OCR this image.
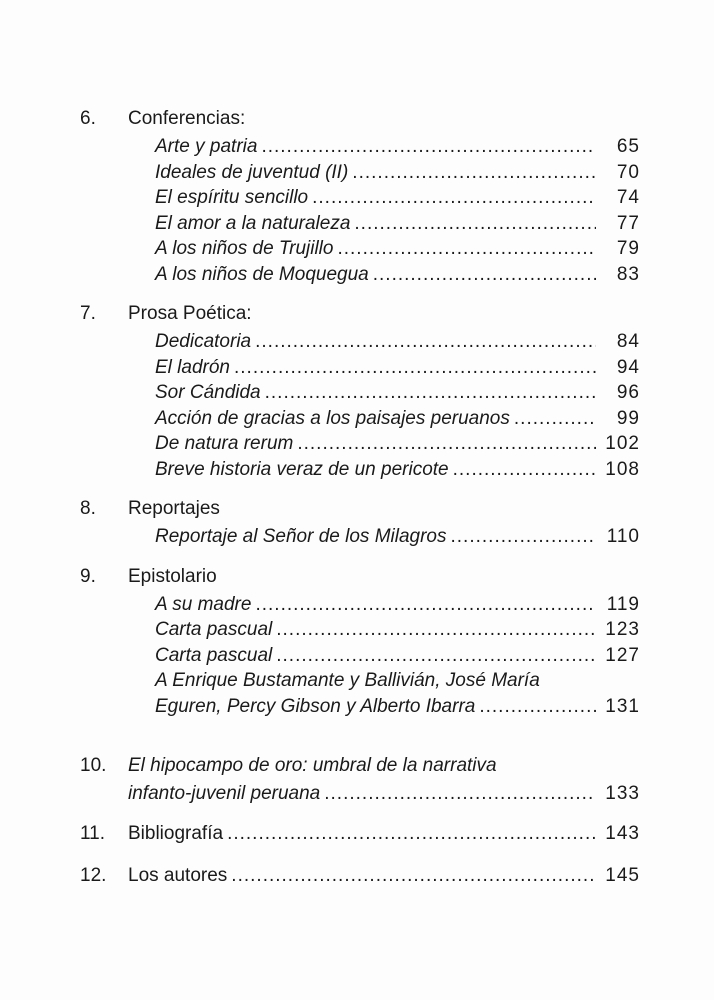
6.	Conferencias:
Arte y patria .....	65
Ideales de juventud (II) .....	70
El espíritu sencillo .....	74
El amor a la naturaleza .....	77
A los niños de Trujillo .....	79
A los niños de Moquegua .....	83
7.	Prosa Poética:
Dedicatoria .....	84
El ladrón .....	94
Sor Cándida .....	96
Acción de gracias a los paisajes peruanos .....	99
De natura rerum .....	102
Breve historia veraz de un pericote .....	108
8.	Reportajes
Reportaje al Señor de los Milagros .....	110
9.	Epistolario
A su madre .....	119
Carta pascual .....	123
Carta pascual .....	127
A Enrique Bustamante y Ballivián, José María
Eguren, Percy Gibson y Alberto Ibarra .....	131
10.	El hipocampo de oro: umbral de la narrativa
infanto-juvenil peruana .....	133
11.	Bibliografía .....	143
12.	Los autores .....	145
